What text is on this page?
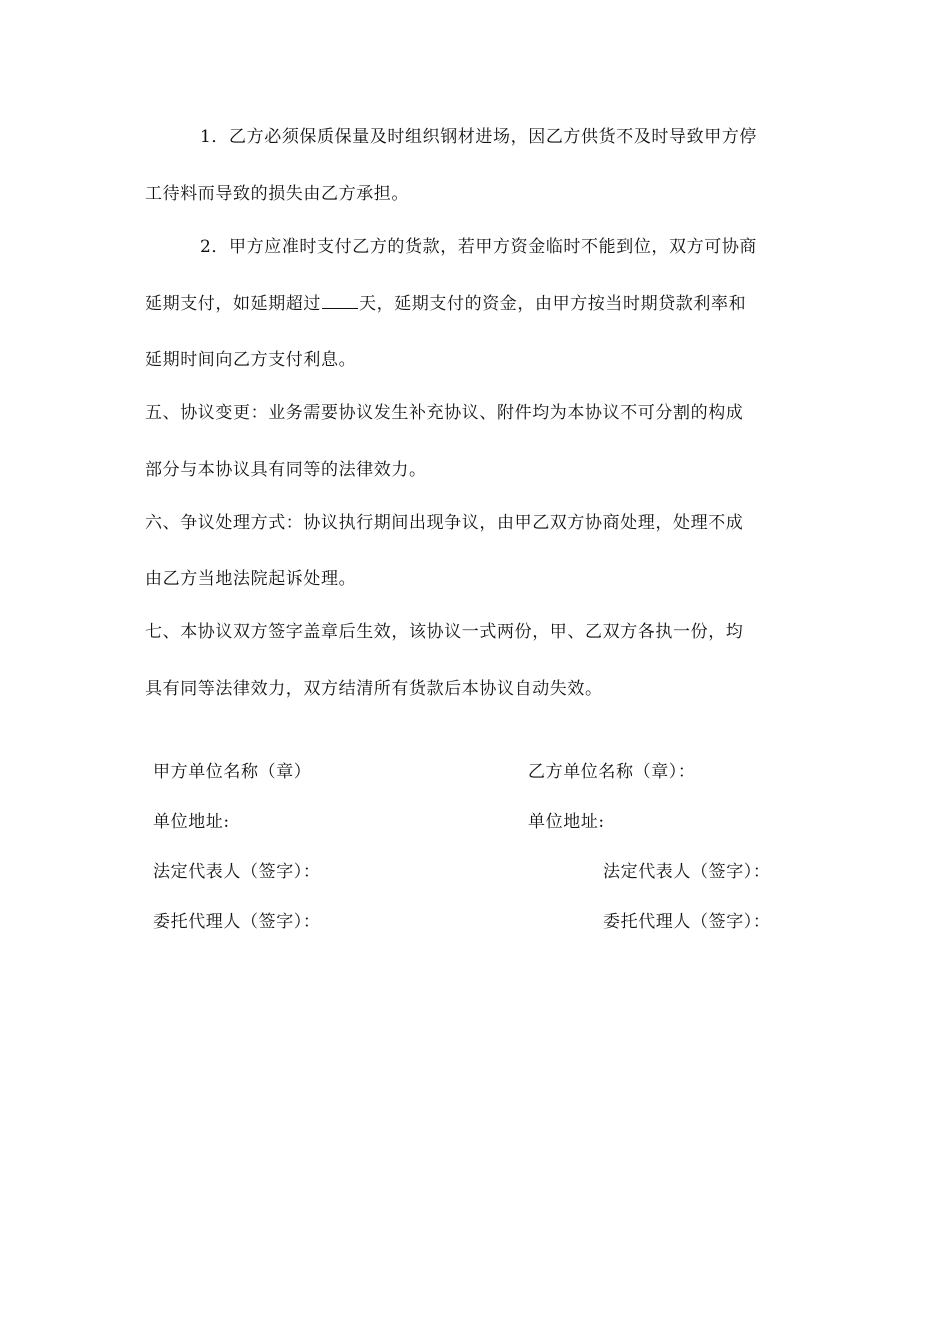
1．乙方必须保质保量及时组织钢材进场，因乙方供货不及时导致甲方停
工待料而导致的损失由乙方承担。
2．甲方应准时支付乙方的货款，若甲方资金临时不能到位，双方可协商
延期支付，如延期超过 天，延期支付的资金，由甲方按当时期贷款利率和
延期时间向乙方支付利息。
五、协议变更：业务需要协议发生补充协议、附件均为本协议不可分割的构成
部分与本协议具有同等的法律效力。
六、争议处理方式：协议执行期间出现争议，由甲乙双方协商处理，处理不成
由乙方当地法院起诉处理。
七、本协议双方签字盖章后生效，该协议一式两份，甲、乙双方各执一份，均
具有同等法律效力，双方结清所有货款后本协议自动失效。
甲方单位名称（章）	乙方单位名称（章）：
单位地址:	单位地址:
法定代表人（签字）：	法定代表人（签字）：
委托代理人（签字）：	委托代理人（签字）：
